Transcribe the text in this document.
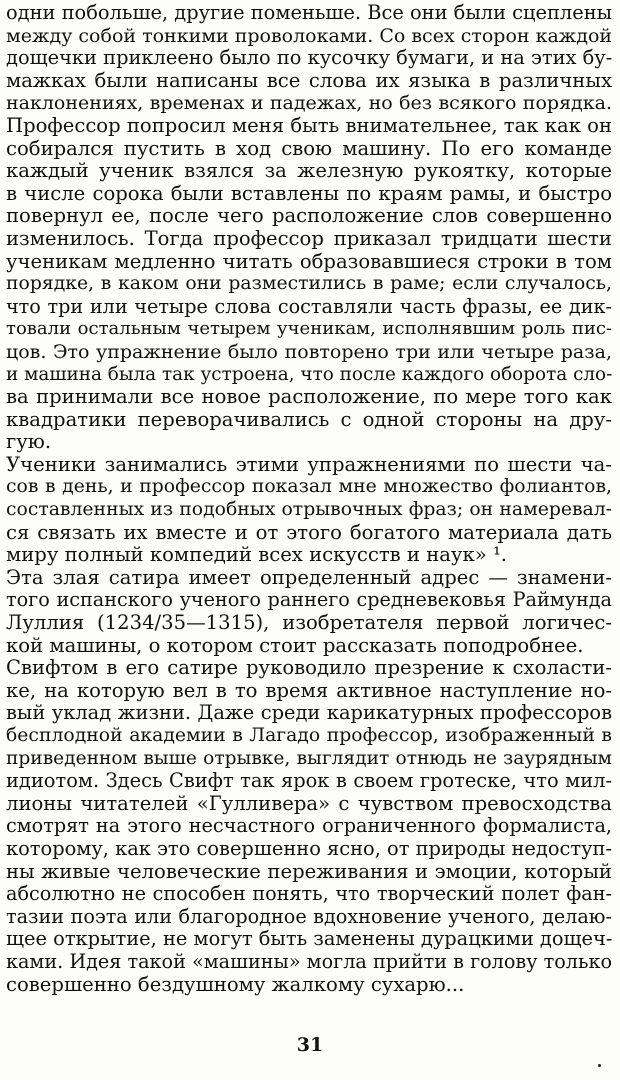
одни побольше, другие поменьше. Все они были сцеплены
между собой тонкими проволоками. Со всех сторон каждой
дощечки приклеено было по кусочку бумаги, и на этих бу-
мажках были написаны все слова их языка в различных
наклонениях, временах и падежах, но без всякого порядка.
Профессор попросил меня быть внимательнее, так как он
собирался пустить в ход свою машину. По его команде
каждый ученик взялся за железную рукоятку, которые
в числе сорока были вставлены по краям рамы, и быстро
повернул ее, после чего расположение слов совершенно
изменилось. Тогда профессор приказал тридцати шести
ученикам медленно читать образовавшиеся строки в том
порядке, в каком они разместились в раме; если случалось,
что три или четыре слова составляли часть фразы, ее дик-
товали остальным четырем ученикам, исполнявшим роль пис-
цов. Это упражнение было повторено три или четыре раза,
и машина была так устроена, что после каждого оборота сло-
ва принимали все новое расположение, по мере того как
квадратики переворачивались с одной стороны на дру-
гую.
Ученики занимались этими упражнениями по шести ча-
сов в день, и профессор показал мне множество фолиантов,
составленных из подобных отрывочных фраз; он намеревал-
ся связать их вместе и от этого богатого материала дать
миру полный компедий всех искусств и наук» ¹.
Эта злая сатира имеет определенный адрес — знамени-
того испанского ученого раннего средневековья Раймунда
Луллия (1234/35—1315), изобретателя первой логичес-
кой машины, о котором стоит рассказать поподробнее.
Свифтом в его сатире руководило презрение к схоласти-
ке, на которую вел в то время активное наступление но-
вый уклад жизни. Даже среди карикатурных профессоров
бесплодной академии в Лагадо профессор, изображенный в
приведенном выше отрывке, выглядит отнюдь не заурядным
идиотом. Здесь Свифт так ярок в своем гротеске, что мил-
лионы читателей «Гулливера» с чувством превосходства
смотрят на этого несчастного ограниченного формалиста,
которому, как это совершенно ясно, от природы недоступ-
ны живые человеческие переживания и эмоции, который
абсолютно не способен понять, что творческий полет фан-
тазии поэта или благородное вдохновение ученого, делаю-
щее открытие, не могут быть заменены дурацкими дощеч-
ками. Идея такой «машины» могла прийти в голову только
совершенно бездушному жалкому сухарю...
31
